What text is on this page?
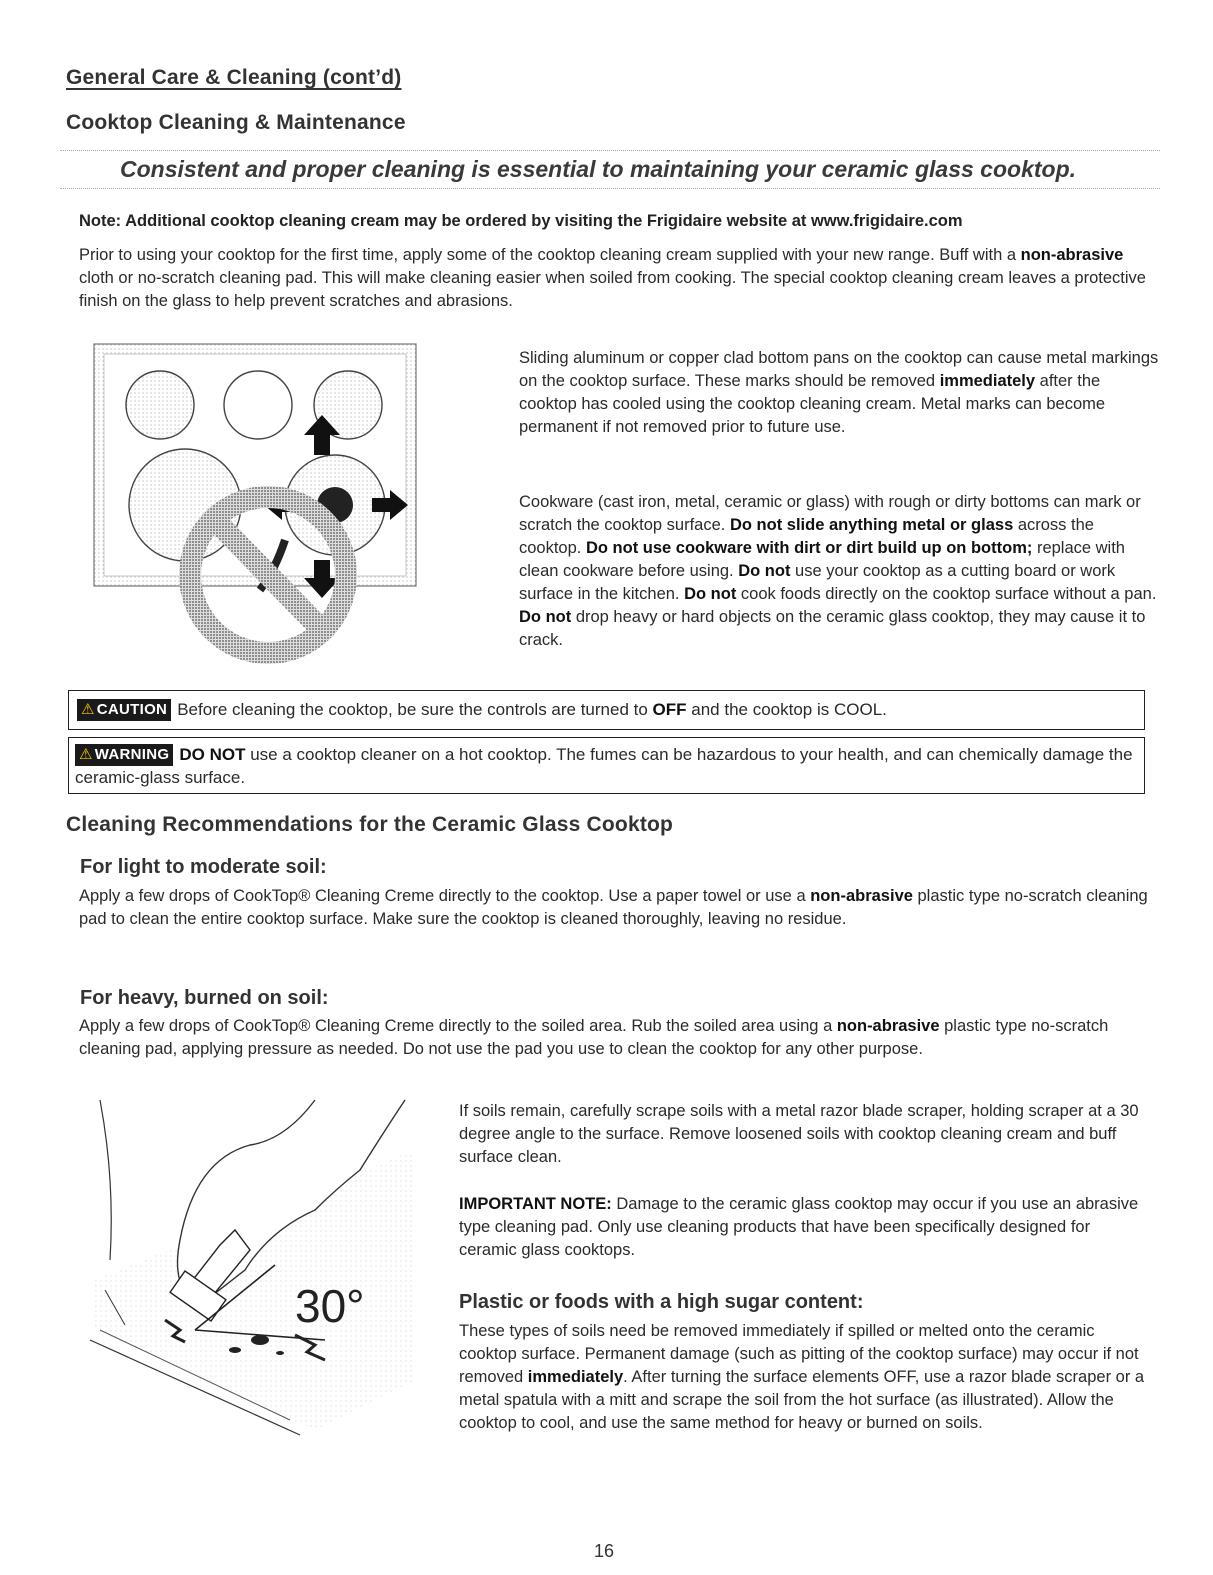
General Care & Cleaning (cont’d)
Cooktop Cleaning & Maintenance
Consistent and proper cleaning is essential to maintaining your ceramic glass cooktop.
Note: Additional cooktop cleaning cream may be ordered by visiting the Frigidaire website at www.frigidaire.com
Prior to using your cooktop for the first time, apply some of the cooktop cleaning cream supplied with your new range. Buff with a non-abrasive cloth or no-scratch cleaning pad. This will make cleaning easier when soiled from cooking. The special cooktop cleaning cream leaves a protective finish on the glass to help prevent scratches and abrasions.
Sliding aluminum or copper clad bottom pans on the cooktop can cause metal markings on the cooktop surface. These marks should be removed immediately after the cooktop has cooled using the cooktop cleaning cream. Metal marks can become permanent if not removed prior to future use.
Cookware (cast iron, metal, ceramic or glass) with rough or dirty bottoms can mark or scratch the cooktop surface. Do not slide anything metal or glass across the cooktop. Do not use cookware with dirt or dirt build up on bottom; replace with clean cookware before using. Do not use your cooktop as a cutting board or work surface in the kitchen. Do not cook foods directly on the cooktop surface without a pan. Do not drop heavy or hard objects on the ceramic glass cooktop, they may cause it to crack.
⚠ CAUTION Before cleaning the cooktop, be sure the controls are turned to OFF and the cooktop is COOL.
⚠ WARNING DO NOT use a cooktop cleaner on a hot cooktop. The fumes can be hazardous to your health, and can chemically damage the ceramic-glass surface.
Cleaning Recommendations for the Ceramic Glass Cooktop
For light to moderate soil:
Apply a few drops of CookTop® Cleaning Creme directly to the cooktop. Use a paper towel or use a non-abrasive plastic type no-scratch cleaning pad to clean the entire cooktop surface. Make sure the cooktop is cleaned thoroughly, leaving no residue.
For heavy, burned on soil:
Apply a few drops of CookTop® Cleaning Creme directly to the soiled area. Rub the soiled area using a non-abrasive plastic type no-scratch cleaning pad, applying pressure as needed. Do not use the pad you use to clean the cooktop for any other purpose.
30°
If soils remain, carefully scrape soils with a metal razor blade scraper, holding scraper at a 30 degree angle to the surface. Remove loosened soils with cooktop cleaning cream and buff surface clean.
IMPORTANT NOTE: Damage to the ceramic glass cooktop may occur if you use an abrasive type cleaning pad. Only use cleaning products that have been specifically designed for ceramic glass cooktops.
Plastic or foods with a high sugar content:
These types of soils need be removed immediately if spilled or melted onto the ceramic cooktop surface. Permanent damage (such as pitting of the cooktop surface) may occur if not removed immediately. After turning the surface elements OFF, use a razor blade scraper or a metal spatula with a mitt and scrape the soil from the hot surface (as illustrated). Allow the cooktop to cool, and use the same method for heavy or burned on soils.
16
